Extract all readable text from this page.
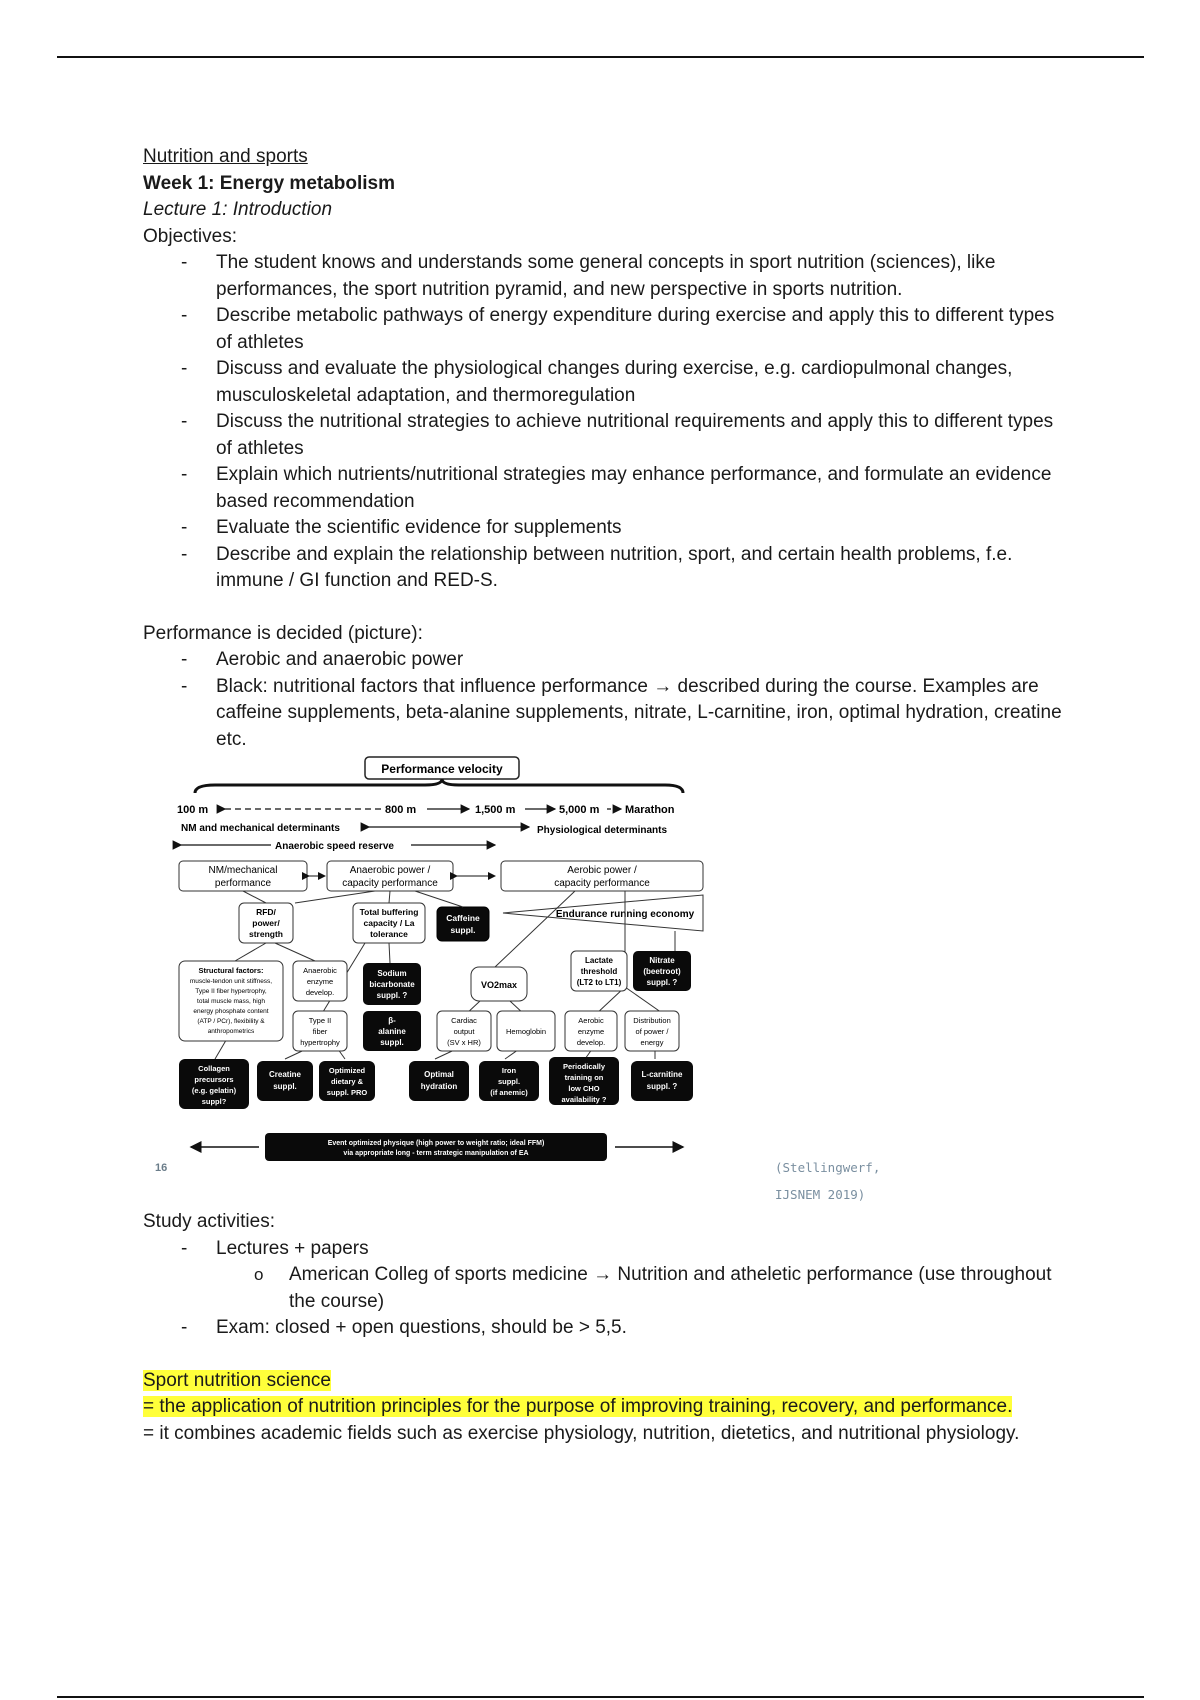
Nutrition and sports

Week 1: Energy metabolism

Lecture 1: Introduction

Objectives:

- The student knows and understands some general concepts in sport nutrition (sciences), like performances, the sport nutrition pyramid, and new perspective in sports nutrition.
- Describe metabolic pathways of energy expenditure during exercise and apply this to different types of athletes
- Discuss and evaluate the physiological changes during exercise, e.g. cardiopulmonal changes, musculoskeletal adaptation, and thermoregulation
- Discuss the nutritional strategies to achieve nutritional requirements and apply this to different types of athletes
- Explain which nutrients/nutritional strategies may enhance performance, and formulate an evidence based recommendation
- Evaluate the scientific evidence for supplements
- Describe and explain the relationship between nutrition, sport, and certain health problems, f.e. immune / GI function and RED-S.

Performance is decided (picture):

- Aerobic and anaerobic power
- Black: nutritional factors that influence performance → described during the course. Examples are caffeine supplements, beta-alanine supplements, nitrate, L-carnitine, iron, optimal hydration, creatine etc.
Performance velocity
100 m	800 m	1,500 m	5,000 m Marathon
NM and mechanical determinants	Physiological determinants
Anaerobic speed reserve
NM/mechanical
performance
Anaerobic power /
capacity performance
Aerobic power /
capacity performance
Endurance running economy
RFD/
power/
strength
Total buffering
capacity / La
tolerance
Caffeine
suppl.
Structural factors:
muscle-tendon unit stiffness,
Type II fiber hypertrophy,
total muscle mass, high
energy phosphate content
(ATP / PCr), flexibility &
anthropometrics
Anaerobic
enzyme
develop.
Sodium
bicarbonate
suppl. ?
VO2max
Lactate
threshold
(LT2 to LT1)
Nitrate
(beetroot)
suppl. ?
Type II
fiber
hypertrophy
β-
alanine
suppl.
Cardiac
output
(SV x HR)
Hemoglobin
Aerobic
enzyme
develop.
Distribution
of power /
energy
Collagen
precursors
(e.g. gelatin)
suppl?
Creatine
suppl.
Optimized
dietary &
suppl. PRO
Optimal
hydration
Iron
suppl.
(if anemic)
Periodically
training on
low CHO
availability ?
L-carnitine
suppl. ?
Event optimized physique (high power to weight ratio; ideal FFM)
via appropriate long - term strategic manipulation of EA
16	(Stellingwerf, IJSNEM 2019)

Study activities:

- Lectures + papers
o American Colleg of sports medicine → Nutrition and atheletic performance (use throughout the course)
- Exam: closed + open questions, should be > 5,5.

Sport nutrition science
= the application of nutrition principles for the purpose of improving training, recovery, and performance.

= it combines academic fields such as exercise physiology, nutrition, dietetics, and nutritional physiology.
